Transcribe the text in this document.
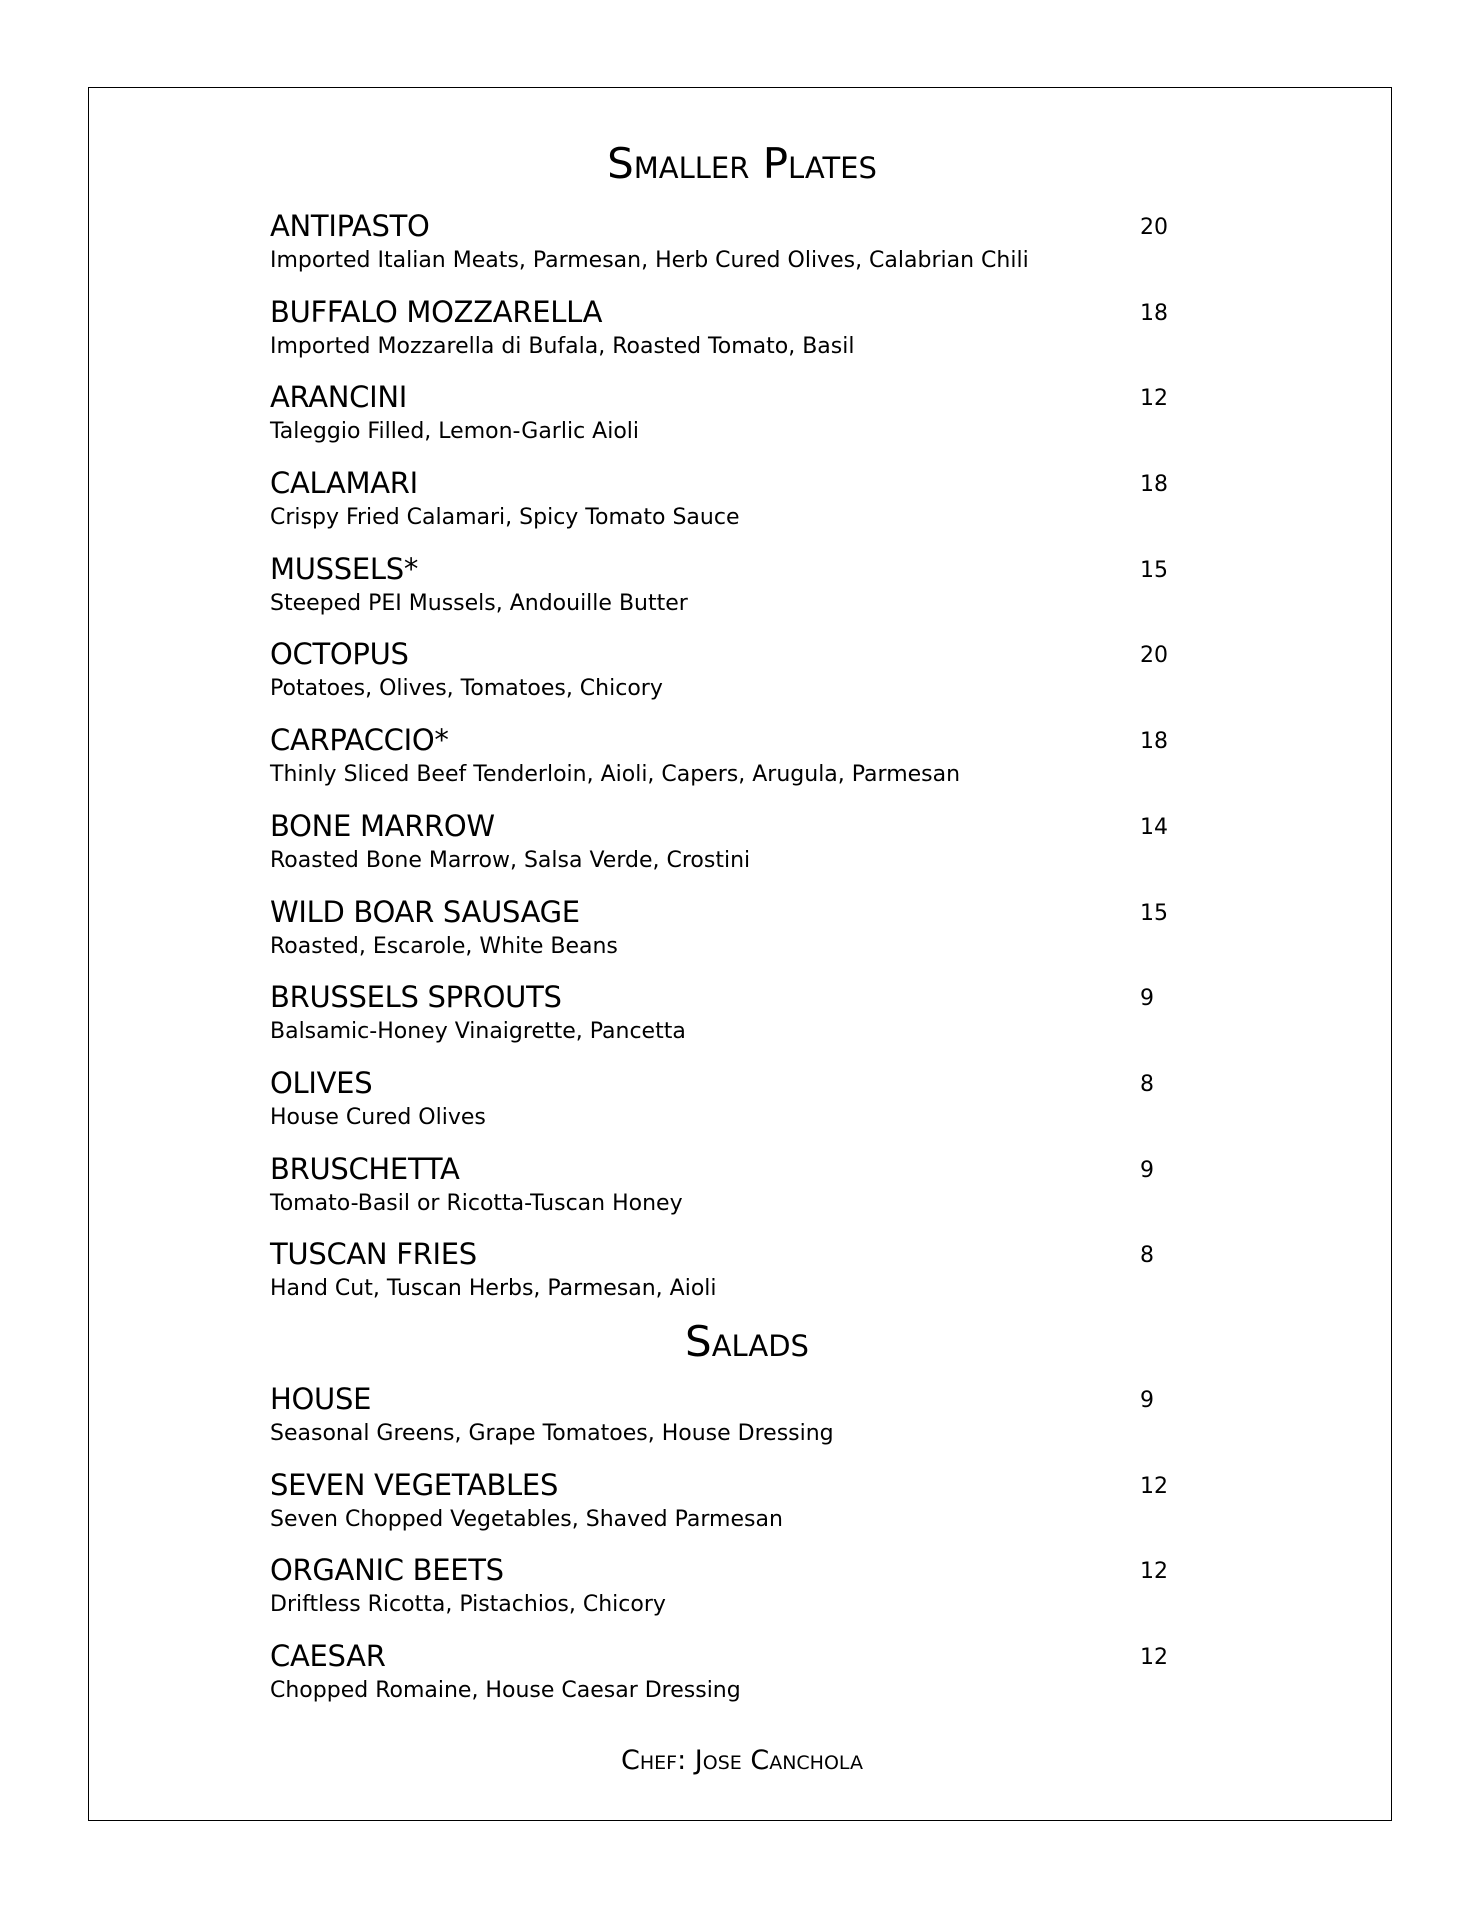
Smaller Plates
ANTIPASTO
Imported Italian Meats, Parmesan, Herb Cured Olives, Calabrian Chili
20
BUFFALO MOZZARELLA
Imported Mozzarella di Bufala, Roasted Tomato, Basil
18
ARANCINI
Taleggio Filled, Lemon-Garlic Aioli
12
CALAMARI
Crispy Fried Calamari, Spicy Tomato Sauce
18
MUSSELS*
Steeped PEI Mussels, Andouille Butter
15
OCTOPUS
Potatoes, Olives, Tomatoes, Chicory
20
CARPACCIO*
Thinly Sliced Beef Tenderloin, Aioli, Capers, Arugula, Parmesan
18
BONE MARROW
Roasted Bone Marrow, Salsa Verde, Crostini
14
WILD BOAR SAUSAGE
Roasted, Escarole, White Beans
15
BRUSSELS SPROUTS
Balsamic-Honey Vinaigrette, Pancetta
9
OLIVES
House Cured Olives
8
BRUSCHETTA
Tomato-Basil or Ricotta-Tuscan Honey
9
TUSCAN FRIES
Hand Cut, Tuscan Herbs, Parmesan, Aioli
8
Salads
HOUSE
Seasonal Greens, Grape Tomatoes, House Dressing
9
SEVEN VEGETABLES
Seven Chopped Vegetables, Shaved Parmesan
12
ORGANIC BEETS
Driftless Ricotta, Pistachios, Chicory
12
CAESAR
Chopped Romaine, House Caesar Dressing
12
Chef: Jose Canchola
